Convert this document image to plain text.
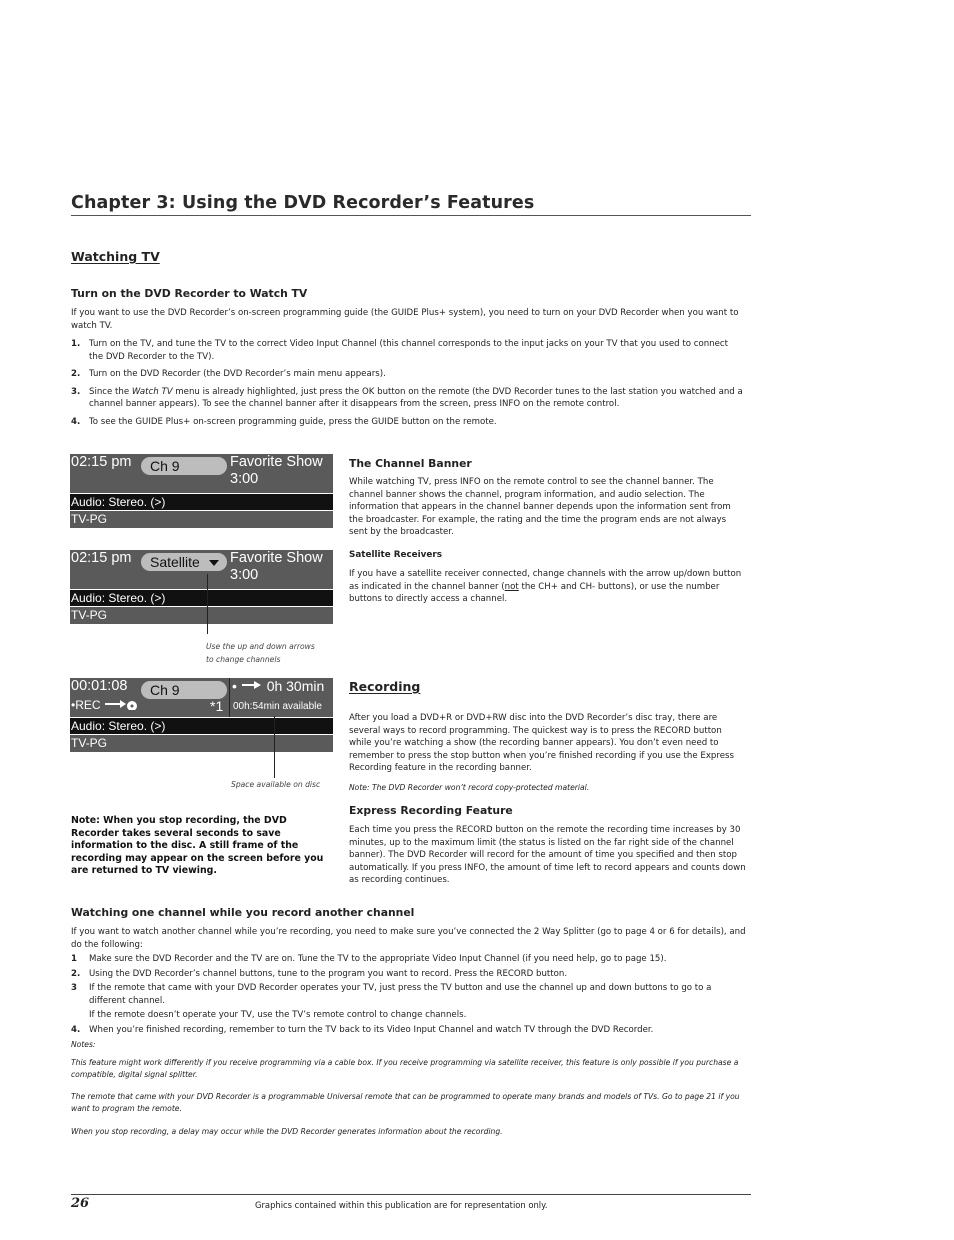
Chapter 3: Using the DVD Recorder’s Features
Watching TV
Turn on the DVD Recorder to Watch TV
If you want to use the DVD Recorder’s on-screen programming guide (the GUIDE Plus+ system), you need to turn on your DVD Recorder when you want to watch TV.
1. Turn on the TV, and tune the TV to the correct Video Input Channel (this channel corresponds to the input jacks on your TV that you used to connect the DVD Recorder to the TV).
2. Turn on the DVD Recorder (the DVD Recorder’s main menu appears).
3. Since the Watch TV menu is already highlighted, just press the OK button on the remote (the DVD Recorder tunes to the last station you watched and a channel banner appears). To see the channel banner after it disappears from the screen, press INFO on the remote control.
4. To see the GUIDE Plus+ on-screen programming guide, press the GUIDE button on the remote.
02:15 pm	Ch 9	Favorite Show
3:00
Audio: Stereo. (>)
TV-PG
02:15 pm	Satellite	Favorite Show
3:00
Audio: Stereo. (>)
TV-PG
Use the up and down arrows
to change channels
00:01:08
•REC
Ch 9
*1
• 0h 30min
00h:54min available
Audio: Stereo. (>)
TV-PG
Space available on disc
Note: When you stop recording, the DVD Recorder takes several seconds to save information to the disc. A still frame of the recording may appear on the screen before you are returned to TV viewing.
The Channel Banner
While watching TV, press INFO on the remote control to see the channel banner. The channel banner shows the channel, program information, and audio selection. The information that appears in the channel banner depends upon the information sent from the broadcaster. For example, the rating and the time the program ends are not always sent by the broadcaster.
Satellite Receivers
If you have a satellite receiver connected, change channels with the arrow up/down button as indicated in the channel banner (not the CH+ and CH- buttons), or use the number buttons to directly access a channel.
Recording
After you load a DVD+R or DVD+RW disc into the DVD Recorder’s disc tray, there are several ways to record programming. The quickest way is to press the RECORD button while you’re watching a show (the recording banner appears). You don’t even need to remember to press the stop button when you’re finished recording if you use the Express Recording feature in the recording banner.
Note: The DVD Recorder won’t record copy-protected material.
Express Recording Feature
Each time you press the RECORD button on the remote the recording time increases by 30 minutes, up to the maximum limit (the status is listed on the far right side of the channel banner). The DVD Recorder will record for the amount of time you specified and then stop automatically. If you press INFO, the amount of time left to record appears and counts down as recording continues.
Watching one channel while you record another channel
If you want to watch another channel while you’re recording, you need to make sure you’ve connected the 2 Way Splitter (go to page 4 or 6 for details), and do the following:
1 Make sure the DVD Recorder and the TV are on. Tune the TV to the appropriate Video Input Channel (if you need help, go to page 15).
2. Using the DVD Recorder’s channel buttons, tune to the program you want to record. Press the RECORD button.
3 If the remote that came with your DVD Recorder operates your TV, just press the TV button and use the channel up and down buttons to go to a different channel.
If the remote doesn’t operate your TV, use the TV’s remote control to change channels.
4. When you’re finished recording, remember to turn the TV back to its Video Input Channel and watch TV through the DVD Recorder.
Notes:
This feature might work differently if you receive programming via a cable box. If you receive programming via satellite receiver, this feature is only possible if you purchase a compatible, digital signal splitter.
The remote that came with your DVD Recorder is a programmable Universal remote that can be programmed to operate many brands and models of TVs. Go to page 21 if you want to program the remote.
When you stop recording, a delay may occur while the DVD Recorder generates information about the recording.
26	Graphics contained within this publication are for representation only.
